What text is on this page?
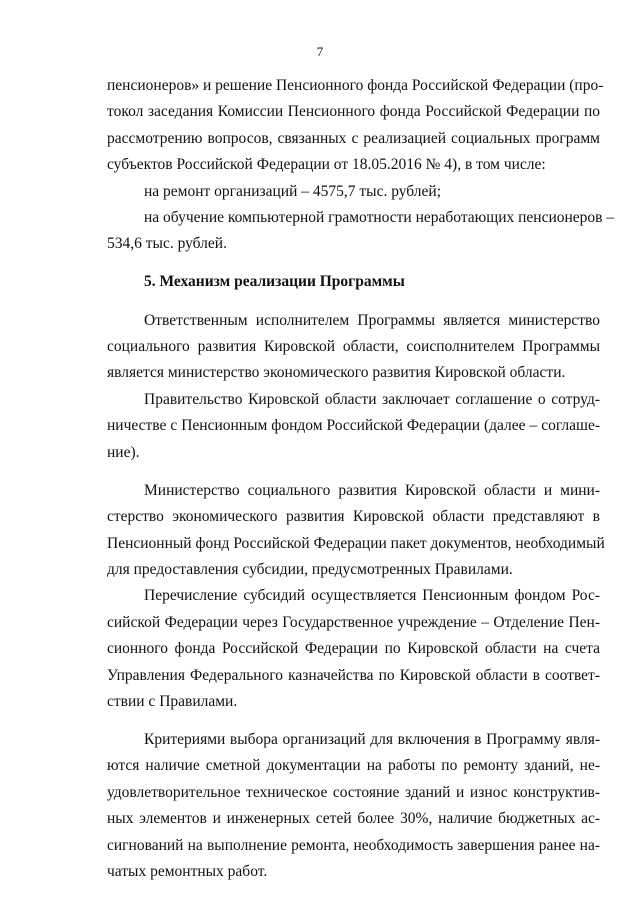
7
пенсионеров» и решение Пенсионного фонда Российской Федерации (про-
токол заседания Комиссии Пенсионного фонда Российской Федерации по
рассмотрению вопросов, связанных с реализацией социальных программ
субъектов Российской Федерации от 18.05.2016 № 4), в том числе:
на ремонт организаций – 4575,7 тыс. рублей;
на обучение компьютерной грамотности неработающих пенсионеров –
534,6 тыс. рублей.
5. Механизм реализации Программы
Ответственным исполнителем Программы является министерство
социального развития Кировской области, соисполнителем Программы
является министерство экономического развития Кировской области.
Правительство Кировской области заключает соглашение о сотруд-
ничестве с Пенсионным фондом Российской Федерации (далее – соглаше-
ние).
Министерство социального развития Кировской области и мини-
стерство экономического развития Кировской области представляют в
Пенсионный фонд Российской Федерации пакет документов, необходимый
для предоставления субсидии, предусмотренных Правилами.
Перечисление субсидий осуществляется Пенсионным фондом Рос-
сийской Федерации через Государственное учреждение – Отделение Пен-
сионного фонда Российской Федерации по Кировской области на счета
Управления Федерального казначейства по Кировской области в соответ-
ствии с Правилами.
Критериями выбора организаций для включения в Программу явля-
ются наличие сметной документации на работы по ремонту зданий, не-
удовлетворительное техническое состояние зданий и износ конструктив-
ных элементов и инженерных сетей более 30%, наличие бюджетных ас-
сигнований на выполнение ремонта, необходимость завершения ранее на-
чатых ремонтных работ.
